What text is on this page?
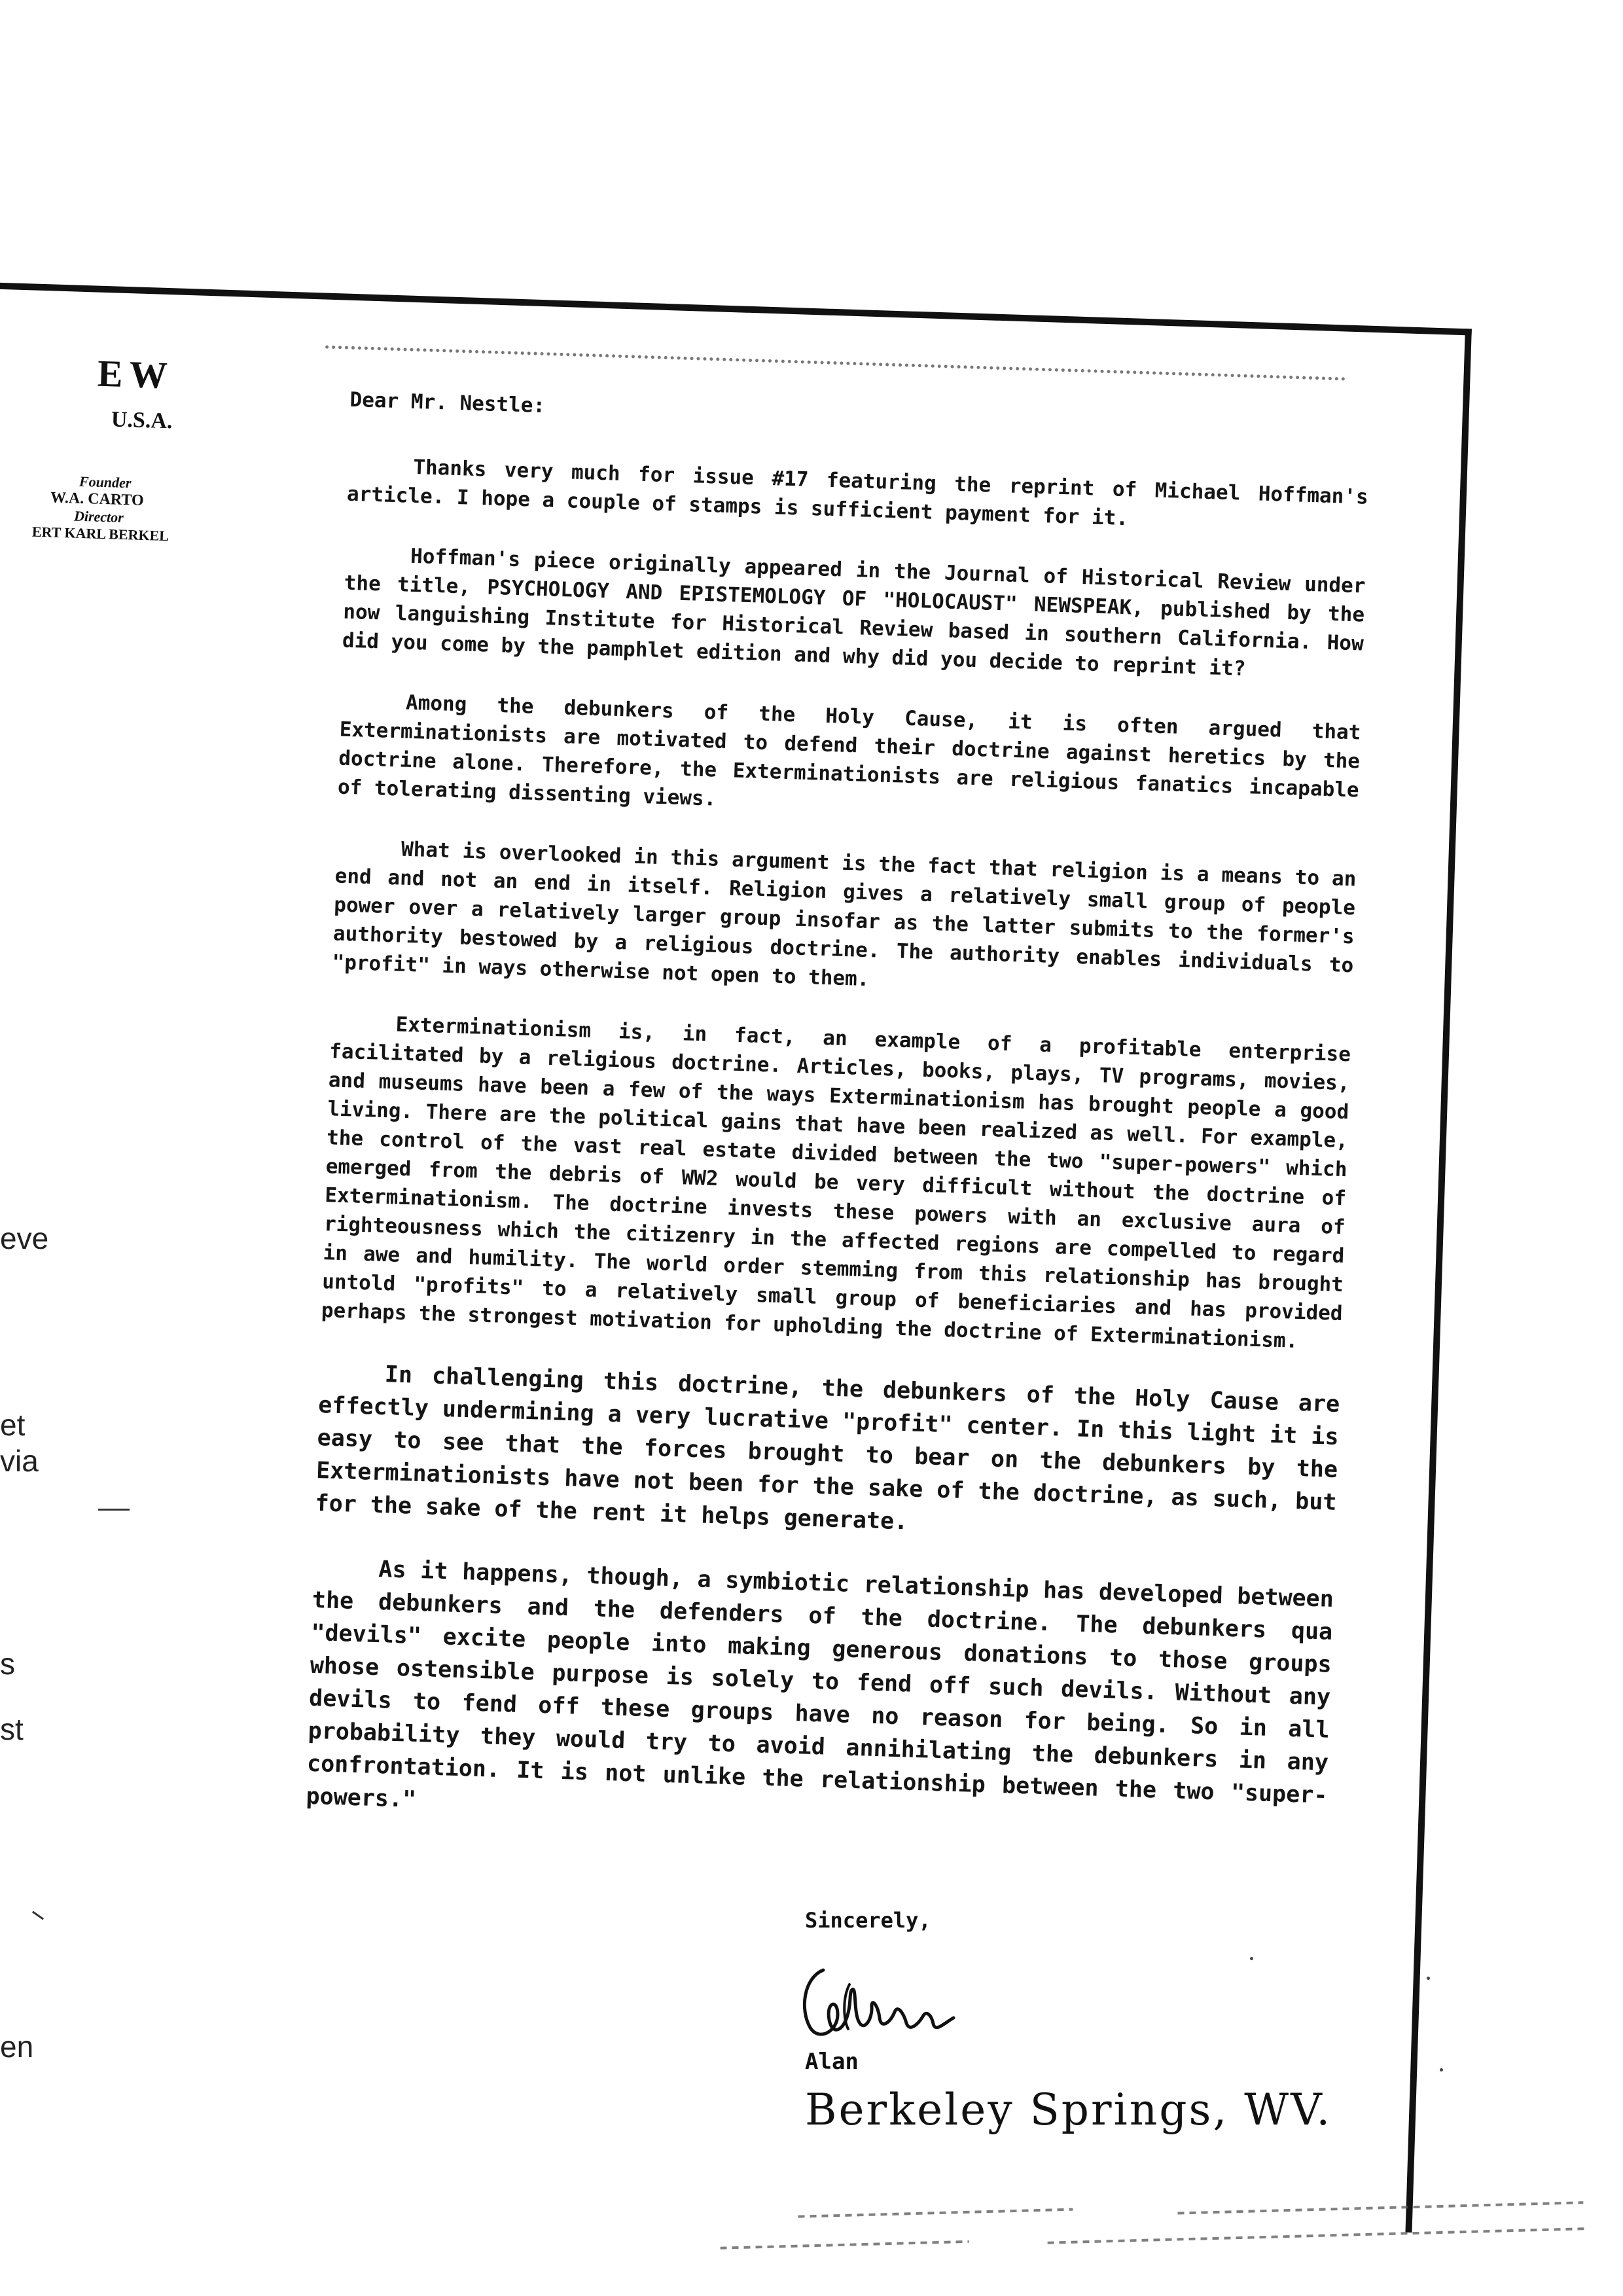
EW
U.S.A.
Founder
W.A. CARTO
Director
ERT KARL BERKEL

Dear Mr. Nestle:

Thanks very much for issue #17 featuring the reprint of Michael Hoffman's article. I hope a couple of stamps is sufficient payment for it.

Hoffman's piece originally appeared in the Journal of Historical Review under the title, PSYCHOLOGY AND EPISTEMOLOGY OF "HOLOCAUST" NEWSPEAK, published by the now languishing Institute for Historical Review based in southern California. How did you come by the pamphlet edition and why did you decide to reprint it?

Among the debunkers of the Holy Cause, it is often argued that Exterminationists are motivated to defend their doctrine against heretics by the doctrine alone. Therefore, the Exterminationists are religious fanatics incapable of tolerating dissenting views.

What is overlooked in this argument is the fact that religion is a means to an end and not an end in itself. Religion gives a relatively small group of people power over a relatively larger group insofar as the latter submits to the former's authority bestowed by a religious doctrine. The authority enables individuals to "profit" in ways otherwise not open to them.

Exterminationism is, in fact, an example of a profitable enterprise facilitated by a religious doctrine. Articles, books, plays, TV programs, movies, and museums have been a few of the ways Exterminationism has brought people a good living. There are the political gains that have been realized as well. For example, the control of the vast real estate divided between the two "super-powers" which emerged from the debris of WW2 would be very difficult without the doctrine of Exterminationism. The doctrine invests these powers with an exclusive aura of righteousness which the citizenry in the affected regions are compelled to regard in awe and humility. The world order stemming from this relationship has brought untold "profits" to a relatively small group of beneficiaries and has provided perhaps the strongest motivation for upholding the doctrine of Exterminationism.

In challenging this doctrine, the debunkers of the Holy Cause are effectly undermining a very lucrative "profit" center. In this light it is easy to see that the forces brought to bear on the debunkers by the Exterminationists have not been for the sake of the doctrine, as such, but for the sake of the rent it helps generate.

As it happens, though, a symbiotic relationship has developed between the debunkers and the defenders of the doctrine. The debunkers qua "devils" excite people into making generous donations to those groups whose ostensible purpose is solely to fend off such devils. Without any devils to fend off these groups have no reason for being. So in all probability they would try to avoid annihilating the debunkers in any confrontation. It is not unlike the relationship between the two "super-powers."

eve
et
via
s
st
en
Sincerely,
Alan
Berkeley Springs, WV.
